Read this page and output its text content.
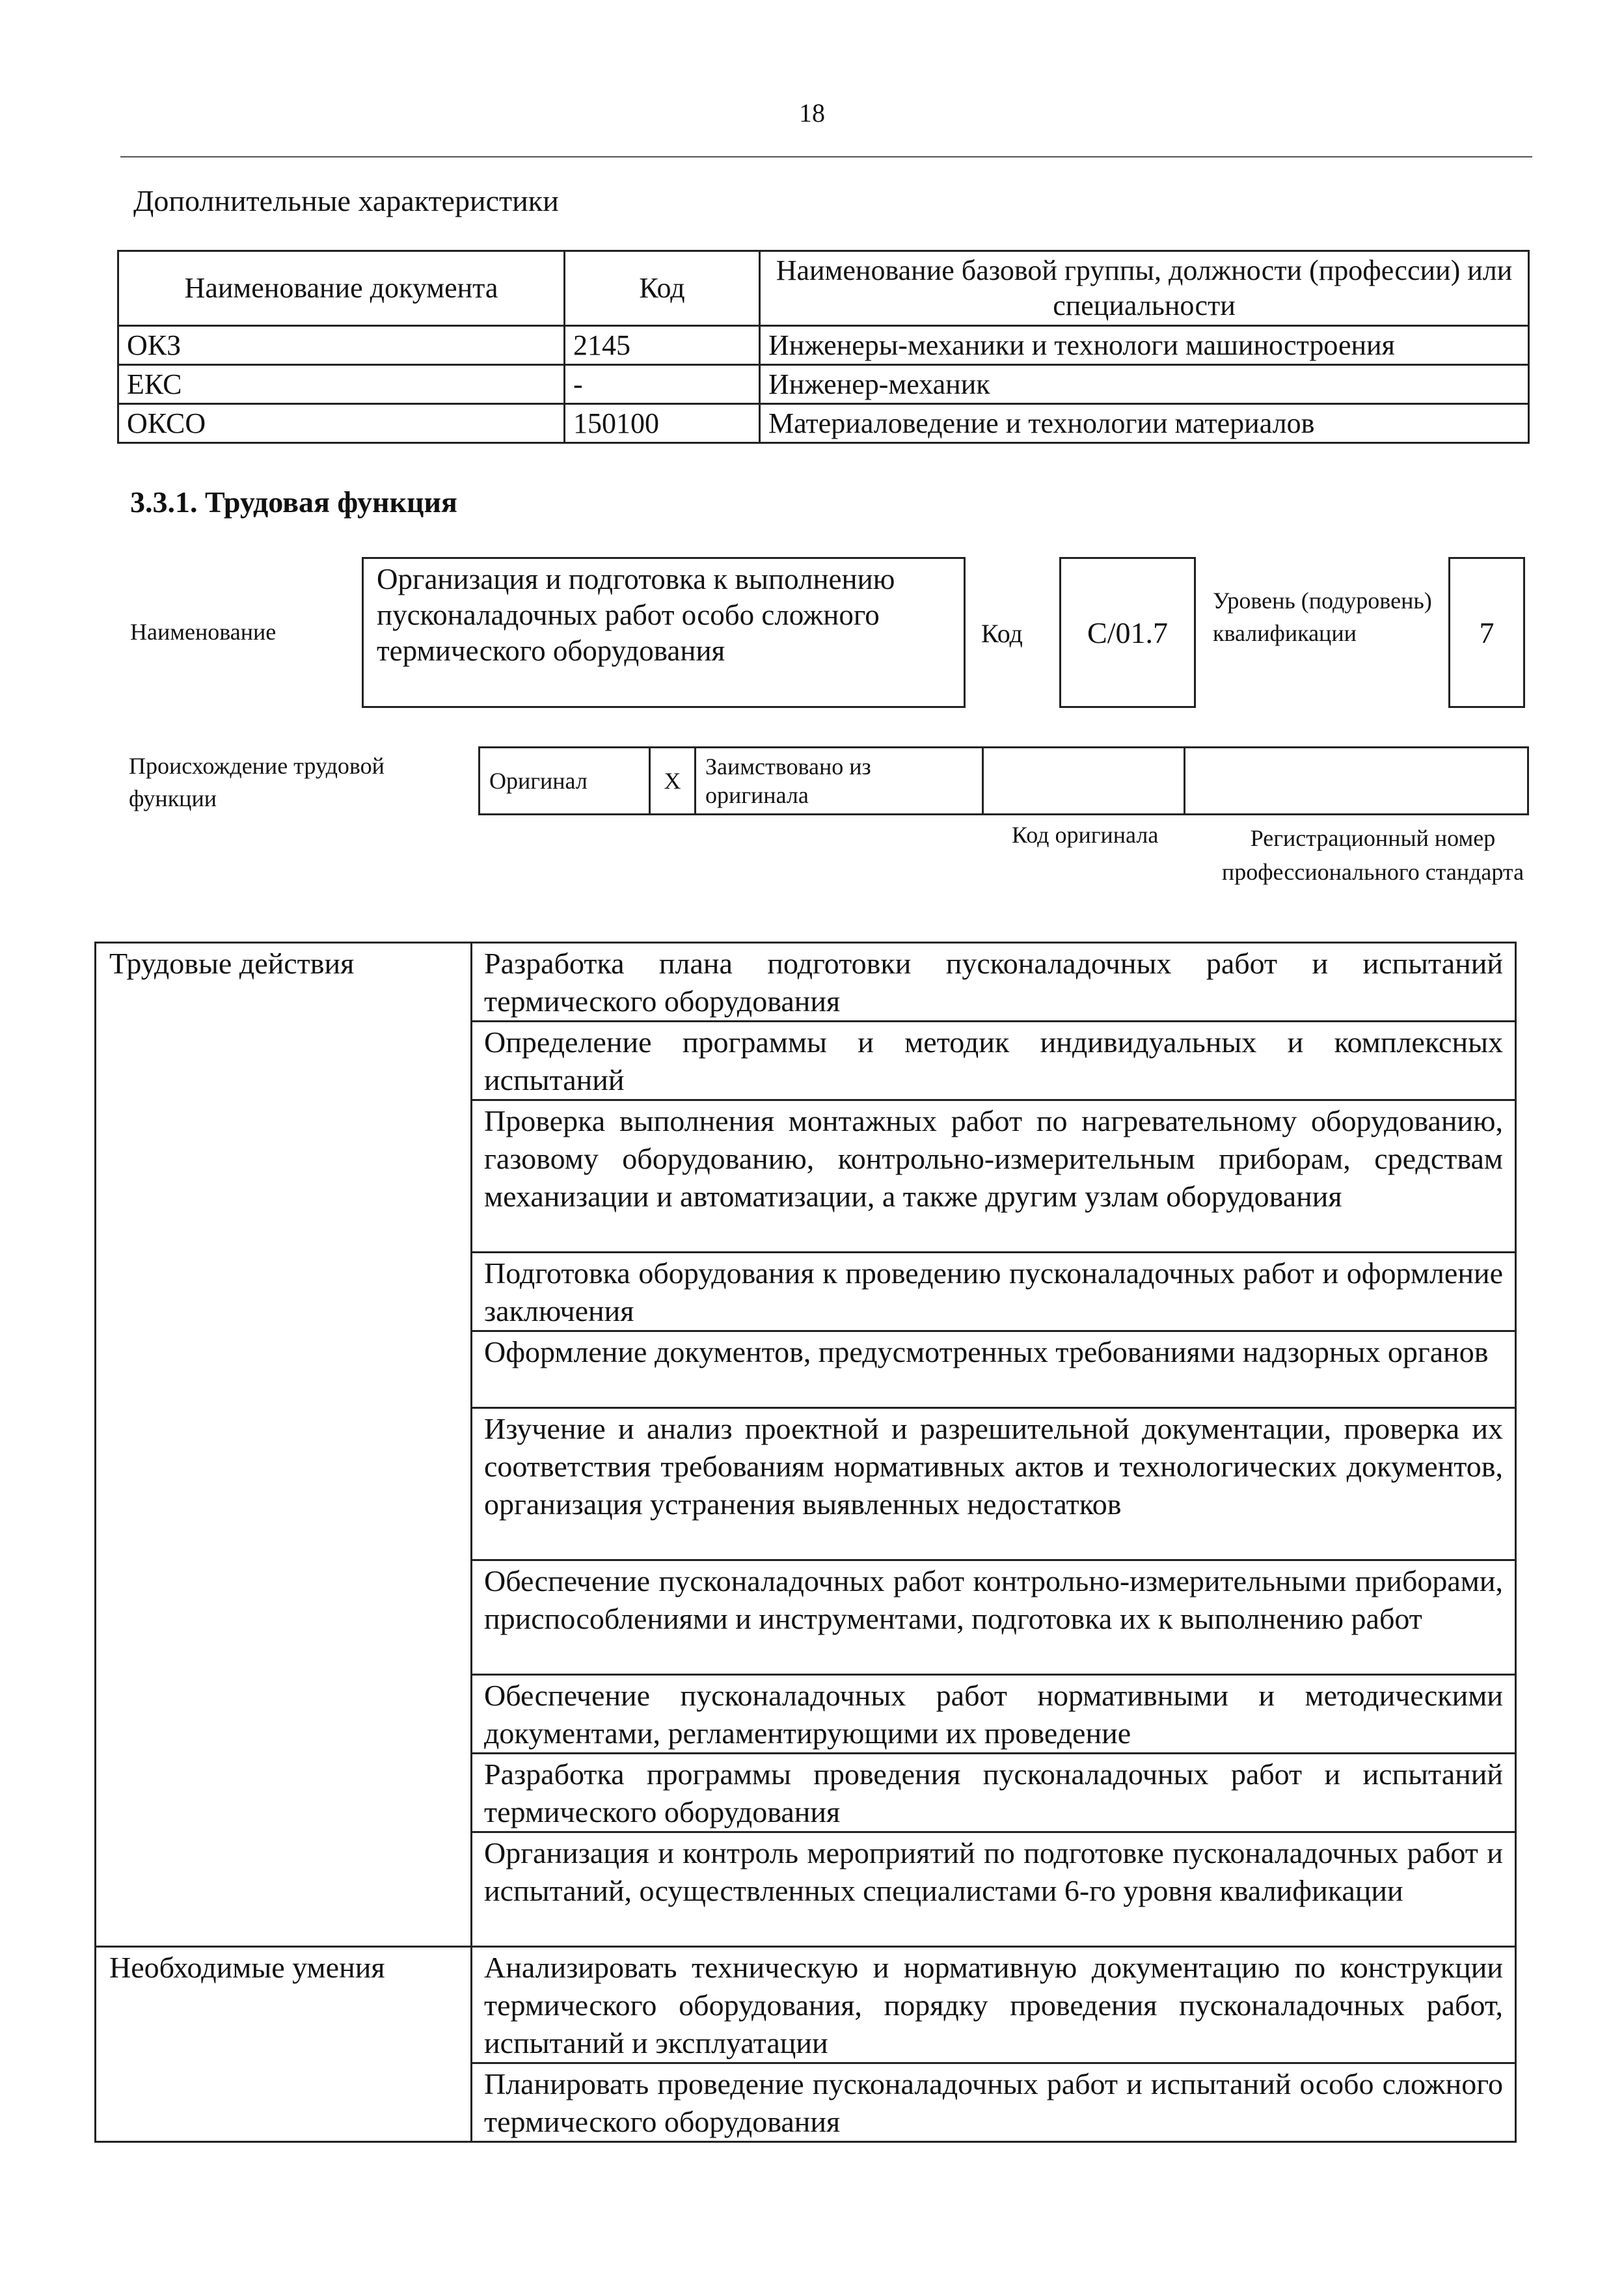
18
Дополнительные характеристики
Наименование документа	Код	Наименование базовой группы, должности (профессии) или специальности
ОКЗ	2145	Инженеры-механики и технологи машиностроения
ЕКС	-	Инженер-механик
ОКСО	150100	Материаловедение и технологии материалов
3.3.1. Трудовая функция
Наименование
Организация и подготовка к выполнению пусконаладочных работ особо сложного термического оборудования
Код	C/01.7
Уровень (подуровень) квалификации	7
Происхождение трудовой функции
Оригинал	X	Заимствовано из оригинала		
Код оригинала	Регистрационный номер профессионального стандарта
Трудовые действия	Разработка плана подготовки пусконаладочных работ и испытаний термического оборудования
	Определение программы и методик индивидуальных и комплексных испытаний
	Проверка выполнения монтажных работ по нагревательному оборудованию, газовому оборудованию, контрольно-измерительным приборам, средствам механизации и автоматизации, а также другим узлам оборудования
	Подготовка оборудования к проведению пусконаладочных работ и оформление заключения
	Оформление документов, предусмотренных требованиями надзорных органов
	Изучение и анализ проектной и разрешительной документации, проверка их соответствия требованиям нормативных актов и технологических документов, организация устранения выявленных недостатков
	Обеспечение пусконаладочных работ контрольно-измерительными приборами, приспособлениями и инструментами, подготовка их к выполнению работ
	Обеспечение пусконаладочных работ нормативными и методическими документами, регламентирующими их проведение
	Разработка программы проведения пусконаладочных работ и испытаний термического оборудования
	Организация и контроль мероприятий по подготовке пусконаладочных работ и испытаний, осуществленных специалистами 6-го уровня квалификации
Необходимые умения	Анализировать техническую и нормативную документацию по конструкции термического оборудования, порядку проведения пусконаладочных работ, испытаний и эксплуатации
	Планировать проведение пусконаладочных работ и испытаний особо сложного термического оборудования
